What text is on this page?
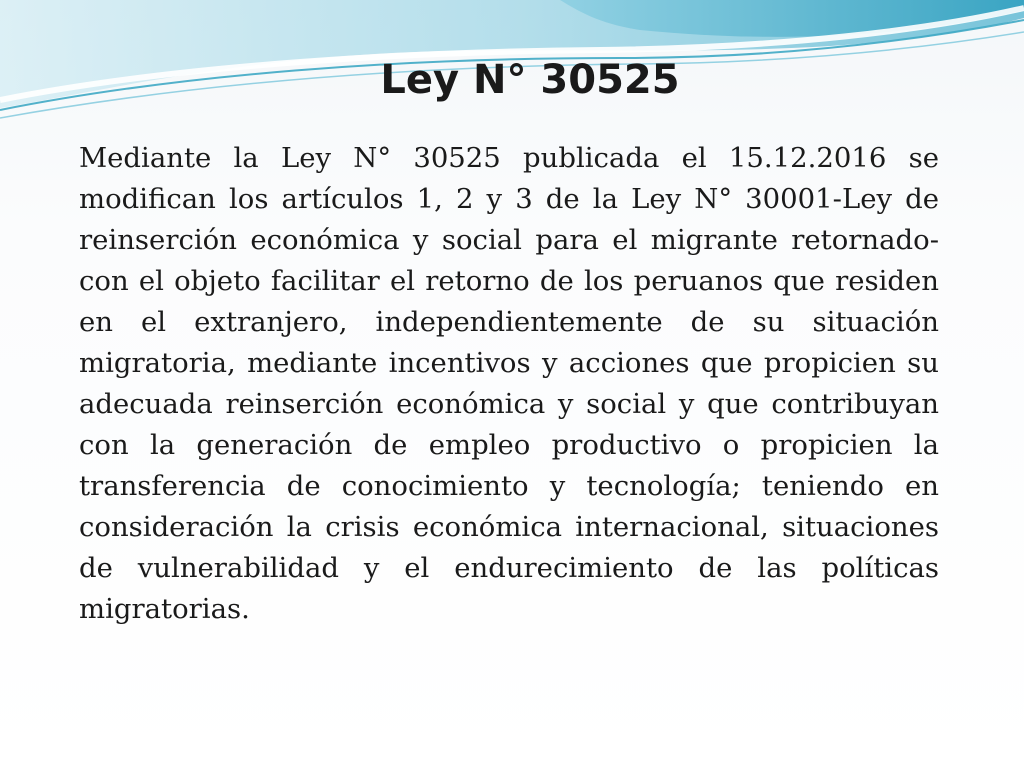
Ley N° 30525

Mediante la Ley N° 30525 publicada el 15.12.2016 se modifican los artículos 1, 2 y 3 de la Ley N° 30001-Ley de reinserción económica y social para el migrante retornado-con el objeto facilitar el retorno de los peruanos que residen en el extranjero, independientemente de su situación migratoria, mediante incentivos y acciones que propicien su adecuada reinserción económica y social y que contribuyan con la generación de empleo productivo o propicien la transferencia de conocimiento y tecnología; teniendo en consideración la crisis económica internacional, situaciones de vulnerabilidad y el endurecimiento de las políticas migratorias.
